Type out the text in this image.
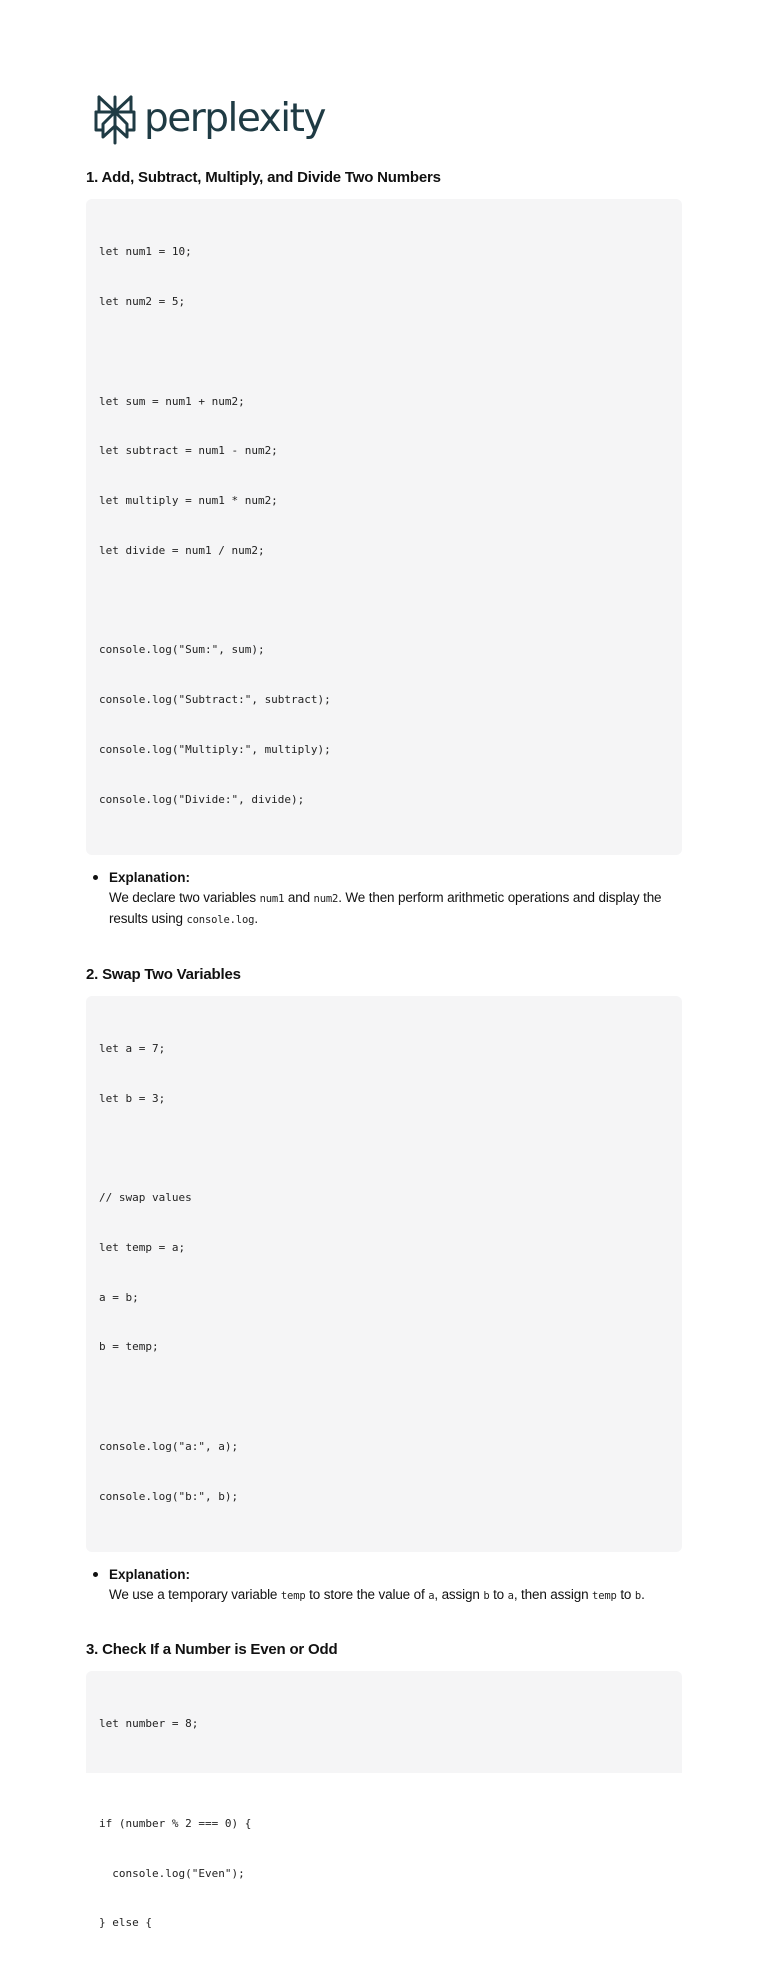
perplexity
1. Add, Subtract, Multiply, and Divide Two Numbers

let num1 = 10;

let num2 = 5;

let sum = num1 + num2;

let subtract = num1 - num2;

let multiply = num1 * num2;

let divide = num1 / num2;

console.log("Sum:", sum);

console.log("Subtract:", subtract);

console.log("Multiply:", multiply);

console.log("Divide:", divide);

Explanation:
We declare two variables num1 and num2. We then perform arithmetic operations and display the results using console.log.
2. Swap Two Variables

let a = 7;

let b = 3;

// swap values

let temp = a;

a = b;

b = temp;

console.log("a:", a);

console.log("b:", b);

Explanation:
We use a temporary variable temp to store the value of a, assign b to a, then assign temp to b.
3. Check If a Number is Even or Odd

let number = 8;

if (number % 2 === 0) {

console.log("Even");

} else {
